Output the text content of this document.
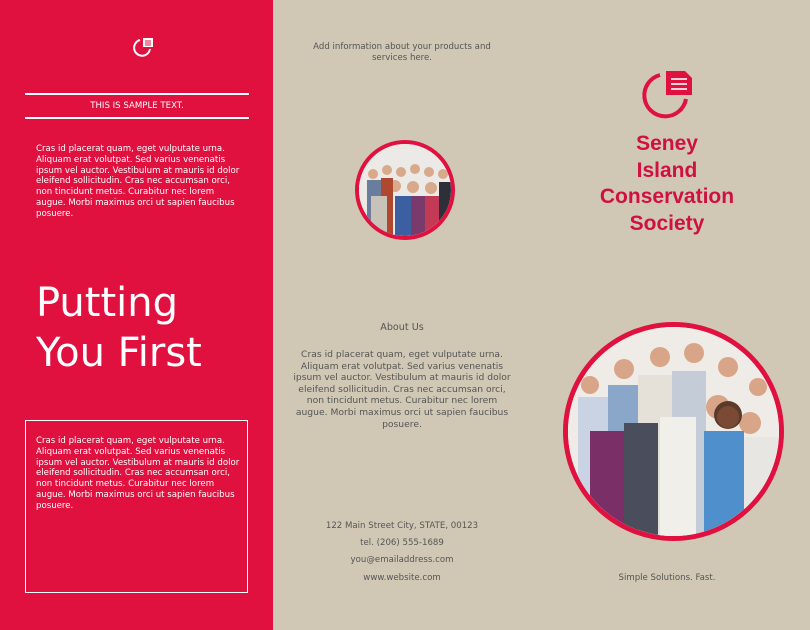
THIS IS SAMPLE TEXT.
Cras id placerat quam, eget vulputate urna. Aliquam erat volutpat. Sed varius venenatis ipsum vel auctor. Vestibulum at mauris id dolor eleifend sollicitudin. Cras nec accumsan orci, non tincidunt metus. Curabitur nec lorem augue. Morbi maximus orci ut sapien faucibus posuere.
Putting
You First
Cras id placerat quam, eget vulputate urna. Aliquam erat volutpat. Sed varius venenatis ipsum vel auctor. Vestibulum at mauris id dolor eleifend sollicitudin. Cras nec accumsan orci, non tincidunt metus. Curabitur nec lorem augue. Morbi maximus orci ut sapien faucibus posuere.
Add information about your products and services here.
About Us
Cras id placerat quam, eget vulputate urna. Aliquam erat volutpat. Sed varius venenatis ipsum vel auctor. Vestibulum at mauris id dolor eleifend sollicitudin. Cras nec accumsan orci, non tincidunt metus. Curabitur nec lorem augue. Morbi maximus orci ut sapien faucibus posuere.
122 Main Street City, STATE, 00123
tel. (206) 555-1689
you@emailaddress.com
www.website.com
Seney
Island
Conservation
Society
Simple Solutions. Fast.
